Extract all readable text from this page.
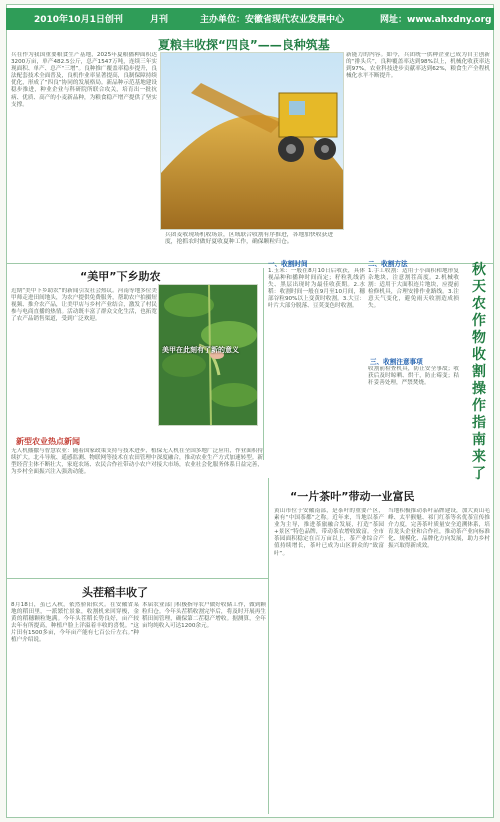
2010年10月1日创刊	月刊	主办单位：安徽省现代农业发展中心	网址：www.ahxdny.org
夏粮丰收探“四良”——良种筑基
兵在作为我国重要粮食生产基地，2025年夏粮播种面积达3200万亩，单产482.5公斤，总产1547万吨，连续三年实现面积、单产、总产“三增”。良种推广覆盖率稳步提升，良法配套技术全面普及，良机作业率显著提高，良制保障持续优化，形成了“四良”协同的发展格局。新品种示范基地建设稳步推进，种业企业与科研院所联合攻关，培育出一批抗病、优质、高产的小麦新品种，为粮食稳产增产提供了坚实支撑。
新能力的内容。如今，兵团统一供种企业已成为自主创新的“排头兵”，良种覆盖率达到98%以上，机械化收获率达到97%，农业科技进步贡献率达到62%，粮食生产全程机械化水平不断提升。
兵团麦收现场机收场景，区域联合收割有序推进，各地加快收获进度，抢抓农时做好夏收夏种工作，确保颗粒归仓。
“美甲”下乡助农
近期“美甲下乡助农”的新闻引发社会热议。河南等地多位美甲师走进田间地头，为农户提供免费服务，帮助农户拍摄短视频、推介农产品，让美甲店与乡村产业结合，激发了村民参与电商直播的热情。活动既丰富了群众文化生活，也拓宽了农产品销售渠道，受到广泛欢迎。
美甲在此刻有了新的意义
一、收割时间
1.玉米：一般在8月10日后收获，具体视品种和播种时间而定；籽粒乳线消失、黑层出现时为最佳收获期。2.水稻：收割时间一般在9月至10月间，穗部谷粒90%以上变黄时收割。3.大豆：叶片大部分脱落、豆荚变色时收割。
二、收割方法
1.手工收割：适用于小面积和地形复杂地块，注意割茬高度。2.机械收割：适用于大面积连片地块，应提前检修机具，合理安排作业路线。3.注意天气变化，避免雨天收割造成损失。
三、收割注意事项
收割前检查机具，防止安全事故；收获后及时晾晒、烘干，防止霉变；秸秆妥善处理，严禁焚烧。
秋天农作物收割操作指南来了
新型农业热点新闻
无人机播撒与智慧农业：随着国家政策支持与技术进步，植保无人机在全国多地广泛应用，作业面积持续扩大。北斗导航、遥感监测、物联网等技术在农田管理中深度融合，推动农业生产方式加速转型。新型经营主体不断壮大，家庭农场、农民合作社带动小农户对接大市场，农业社会化服务体系日益完善，为乡村全面振兴注入强劲动能。
头茬稻丰收了
8月18日，虽已入秋，依然骄阳似火。在安徽省某地的稻田里，一派繁忙景象，收割机来回穿梭，金黄的稻穗颗粒饱满。今年头茬稻长势良好，亩产较去年有所提高，种植户脸上洋溢着丰收的喜悦。“这片田有1500多亩，今年亩产能有七百公斤左右。”种植户介绍说。
本届农业部门积极指导农户做好收储工作，做到颗粒归仓。今年头茬稻收割完毕后，将及时开展再生稻田间管理，确保第二茬稳产增收。据测算，全年亩均纯收入可达1200余元。
“一片茶叶”带动一业富民
黄山市位于安徽南部，是茶叶的重要产区，素有“中国茶都”之称。近年来，当地以茶产业为主导，推进茶旅融合发展，打造“茶园+景区”特色品牌，带动茶农增收致富。全市茶园面积稳定在百万亩以上，茶产业综合产值持续增长，茶叶已成为山区群众的“致富叶”。
当地积极推动茶叶品牌建设，加大黄山毛峰、太平猴魁、祁门红茶等名优茶宣传推介力度，完善茶叶质量安全追溯体系，培育龙头企业和合作社，推动茶产业向标准化、规模化、品牌化方向发展，助力乡村振兴取得新成效。
